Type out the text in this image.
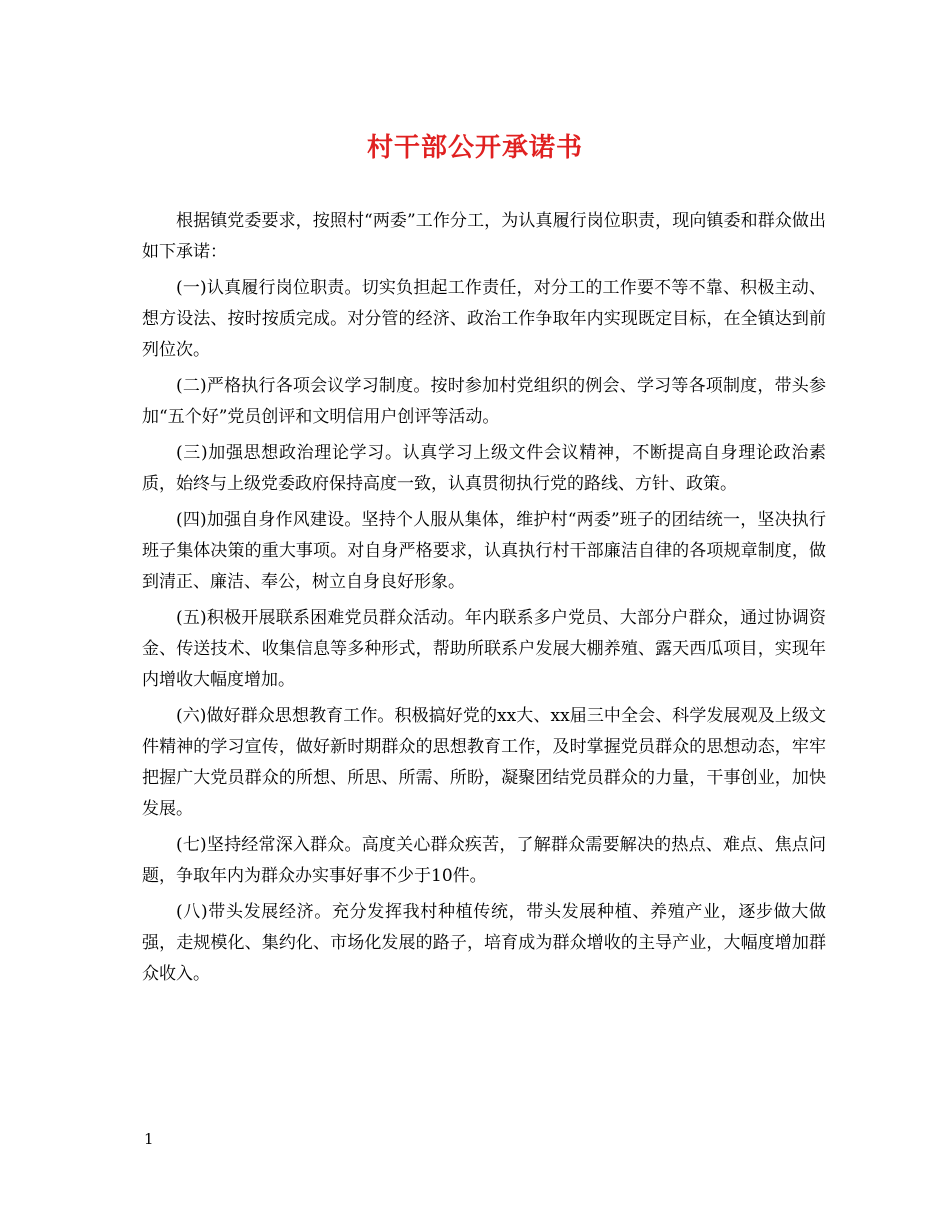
村干部公开承诺书

根据镇党委要求，按照村“两委”工作分工，为认真履行岗位职责，现向镇委和群众做出如下承诺：

(一)认真履行岗位职责。切实负担起工作责任，对分工的工作要不等不靠、积极主动、想方设法、按时按质完成。对分管的经济、政治工作争取年内实现既定目标，在全镇达到前列位次。

(二)严格执行各项会议学习制度。按时参加村党组织的例会、学习等各项制度，带头参加“五个好”党员创评和文明信用户创评等活动。

(三)加强思想政治理论学习。认真学习上级文件会议精神，不断提高自身理论政治素质，始终与上级党委政府保持高度一致，认真贯彻执行党的路线、方针、政策。

(四)加强自身作风建设。坚持个人服从集体，维护村“两委”班子的团结统一，坚决执行班子集体决策的重大事项。对自身严格要求，认真执行村干部廉洁自律的各项规章制度，做到清正、廉洁、奉公，树立自身良好形象。

(五)积极开展联系困难党员群众活动。年内联系多户党员、大部分户群众，通过协调资金、传送技术、收集信息等多种形式，帮助所联系户发展大棚养殖、露天西瓜项目，实现年内增收大幅度增加。

(六)做好群众思想教育工作。积极搞好党的xx大、xx届三中全会、科学发展观及上级文件精神的学习宣传，做好新时期群众的思想教育工作，及时掌握党员群众的思想动态，牢牢把握广大党员群众的所想、所思、所需、所盼，凝聚团结党员群众的力量，干事创业，加快发展。

(七)坚持经常深入群众。高度关心群众疾苦，了解群众需要解决的热点、难点、焦点问题，争取年内为群众办实事好事不少于10件。

(八)带头发展经济。充分发挥我村种植传统，带头发展种植、养殖产业，逐步做大做强，走规模化、集约化、市场化发展的路子，培育成为群众增收的主导产业，大幅度增加群众收入。

1
